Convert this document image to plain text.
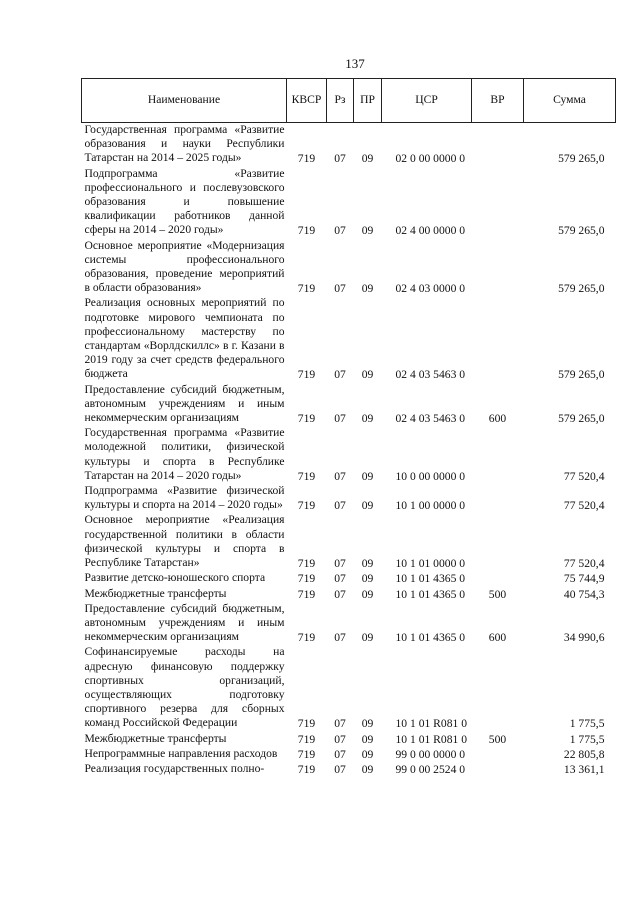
137
Наименование	КВСР	Рз	ПР	ЦСР	ВР	Сумма
Государственная программа «Развитие образования и науки Республики Татарстан на 2014 – 2025 годы»	719	07	09	02 0 00 0000 0		579 265,0
Подпрограмма «Развитие профессионального и послевузовского образования и повышение квалификации работников данной сферы на 2014 – 2020 годы»	719	07	09	02 4 00 0000 0		579 265,0
Основное мероприятие «Модернизация системы профессионального образования, проведение мероприятий в области образования»	719	07	09	02 4 03 0000 0		579 265,0
Реализация основных мероприятий по подготовке мирового чемпионата по профессиональному мастерству по стандартам «Ворлдскиллс» в г. Казани в 2019 году за счет средств федерального бюджета	719	07	09	02 4 03 5463 0		579 265,0
Предоставление субсидий бюджетным, автономным учреждениям и иным некоммерческим организациям	719	07	09	02 4 03 5463 0	600	579 265,0
Государственная программа «Развитие молодежной политики, физической культуры и спорта в Республике Татарстан на 2014 – 2020 годы»	719	07	09	10 0 00 0000 0		77 520,4
Подпрограмма «Развитие физической культуры и спорта на 2014 – 2020 годы»	719	07	09	10 1 00 0000 0		77 520,4
Основное мероприятие «Реализация государственной политики в области физической культуры и спорта в Республике Татарстан»	719	07	09	10 1 01 0000 0		77 520,4
Развитие детско-юношеского спорта	719	07	09	10 1 01 4365 0		75 744,9
Межбюджетные трансферты	719	07	09	10 1 01 4365 0	500	40 754,3
Предоставление субсидий бюджетным, автономным учреждениям и иным некоммерческим организациям	719	07	09	10 1 01 4365 0	600	34 990,6
Софинансируемые расходы на адресную финансовую поддержку спортивных организаций, осуществляющих подготовку спортивного резерва для сборных команд Российской Федерации	719	07	09	10 1 01 R081 0		1 775,5
Межбюджетные трансферты	719	07	09	10 1 01 R081 0	500	1 775,5
Непрограммные направления расходов	719	07	09	99 0 00 0000 0		22 805,8
Реализация государственных полно-	719	07	09	99 0 00 2524 0		13 361,1
